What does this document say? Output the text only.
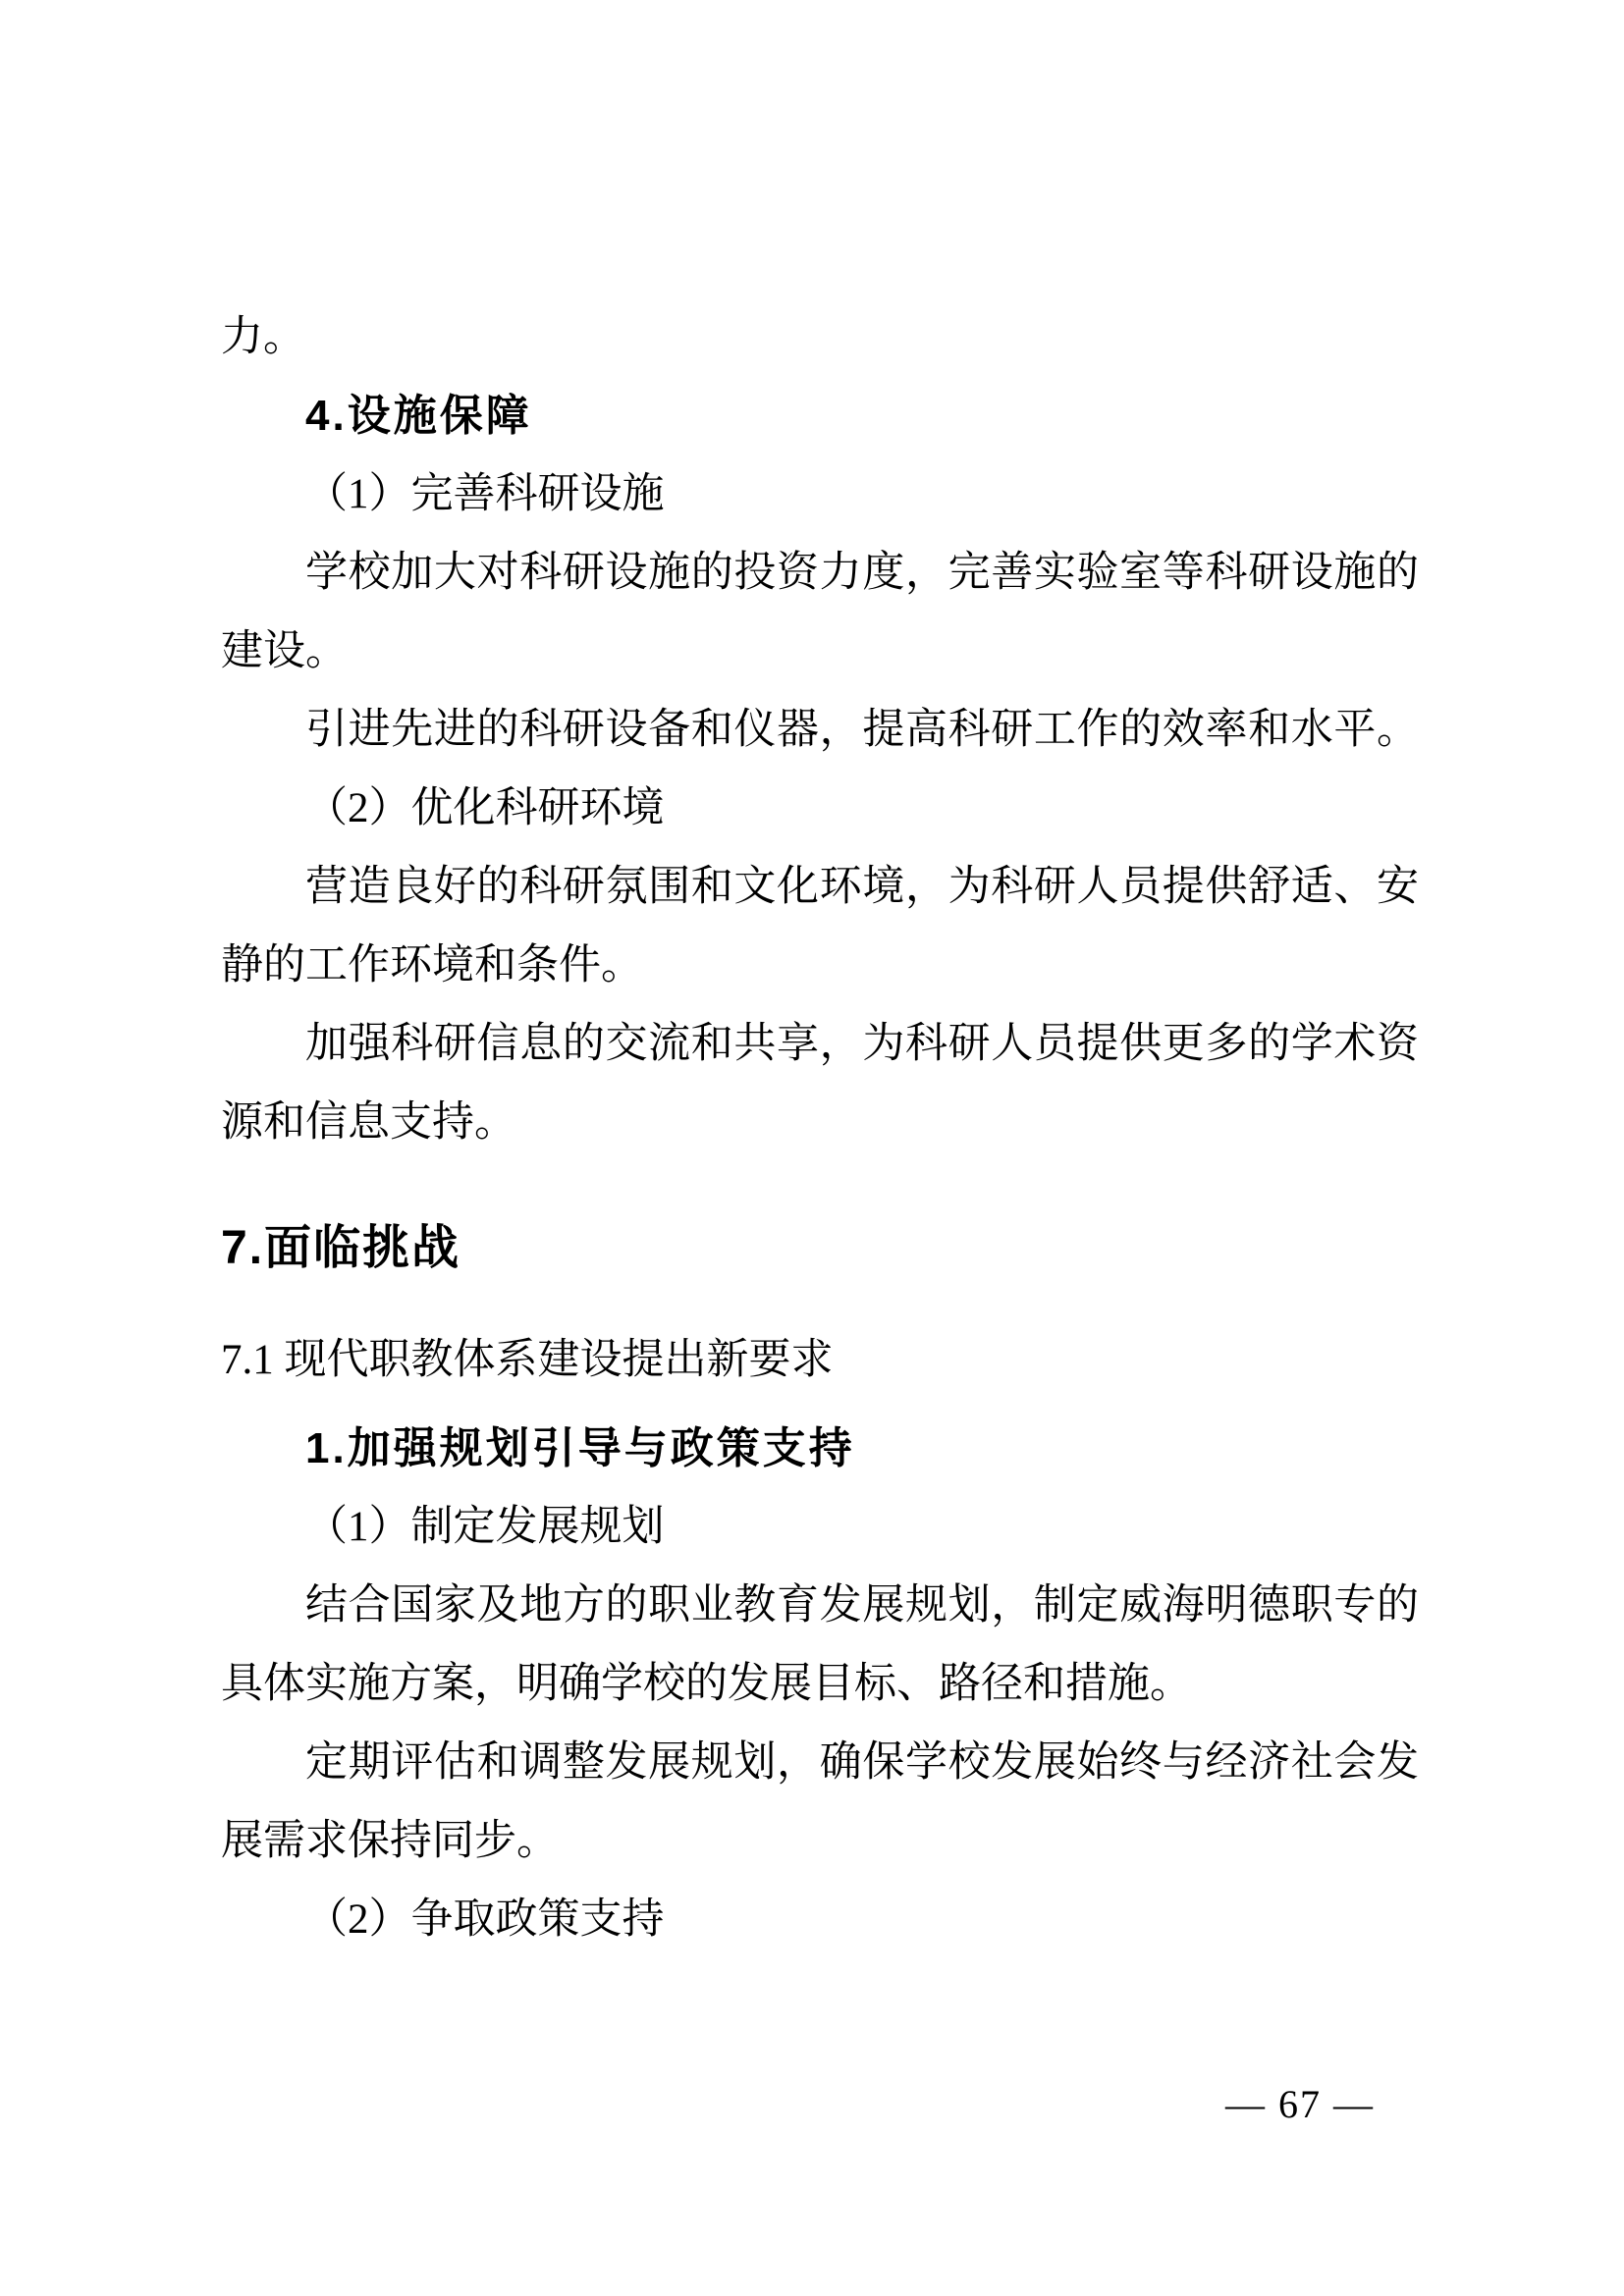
力。

4.设施保障

（1）完善科研设施

学校加大对科研设施的投资力度，完善实验室等科研设施的

建设。

引进先进的科研设备和仪器，提高科研工作的效率和水平。

（2）优化科研环境

营造良好的科研氛围和文化环境，为科研人员提供舒适、安

静的工作环境和条件。

加强科研信息的交流和共享，为科研人员提供更多的学术资

源和信息支持。

7.面临挑战

7.1 现代职教体系建设提出新要求

1.加强规划引导与政策支持

（1）制定发展规划

结合国家及地方的职业教育发展规划，制定威海明德职专的

具体实施方案，明确学校的发展目标、路径和措施。

定期评估和调整发展规划，确保学校发展始终与经济社会发

展需求保持同步。

（2）争取政策支持

— 67 —
